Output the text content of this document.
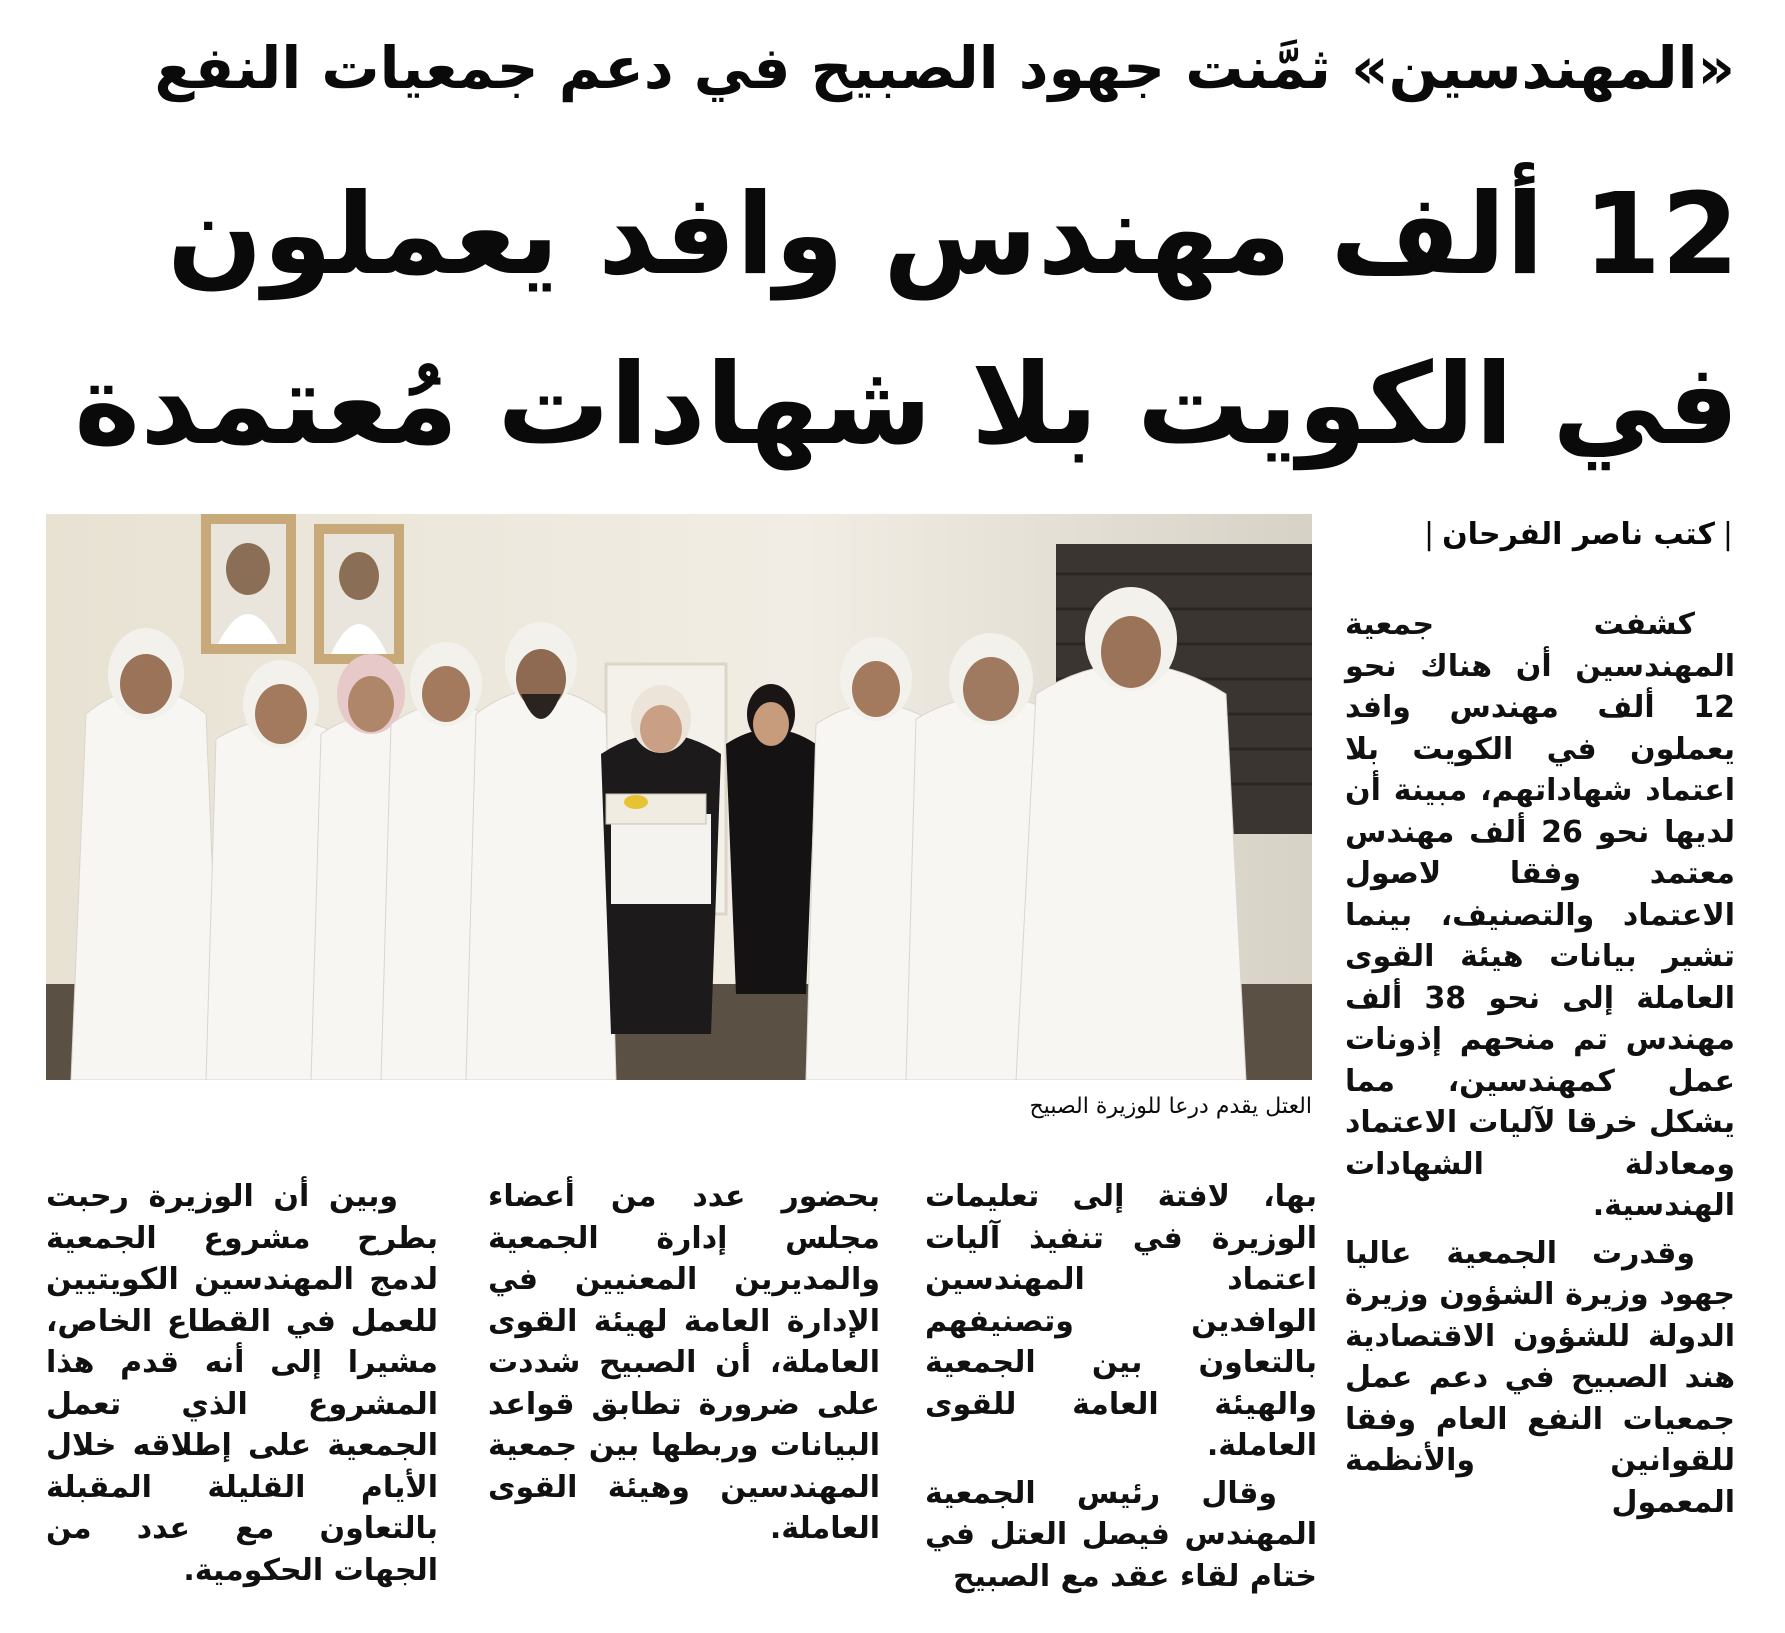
«المهندسين» ثمَّنت جهود الصبيح في دعم جمعيات النفع
12 ألف مهندس وافد يعملون
في الكويت بلا شهادات مُعتمدة
|كتب ناصر الفرحان|
العتل يقدم درعا للوزيرة الصبيح

كشفت جمعية المهندسين أن هناك نحو 12 ألف مهندس وافد يعملون في الكويت بلا اعتماد شهاداتهم، مبينة أن لديها نحو 26 ألف مهندس معتمد وفقا لاصول الاعتماد والتصنيف، بينما تشير بيانات هيئة القوى العاملة إلى نحو 38 ألف مهندس تم منحهم إذونات عمل كمهندسين، مما يشكل خرقا لآليات الاعتماد ومعادلة الشهادات الهندسية.

وقدرت الجمعية عاليا جهود وزيرة الشؤون وزيرة الدولة للشؤون الاقتصادية هند الصبيح في دعم عمل جمعيات النفع العام وفقا للقوانين والأنظمة المعمول

بها، لافتة إلى تعليمات الوزيرة في تنفيذ آليات اعتماد المهندسين الوافدين وتصنيفهم بالتعاون بين الجمعية والهيئة العامة للقوى العاملة.

وقال رئيس الجمعية المهندس فيصل العتل في ختام لقاء عقد مع الصبيح

بحضور عدد من أعضاء مجلس إدارة الجمعية والمديرين المعنيين في الإدارة العامة لهيئة القوى العاملة، أن الصبيح شددت على ضرورة تطابق قواعد البيانات وربطها بين جمعية المهندسين وهيئة القوى العاملة.

وبين أن الوزيرة رحبت بطرح مشروع الجمعية لدمج المهندسين الكويتيين للعمل في القطاع الخاص، مشيرا إلى أنه قدم هذا المشروع الذي تعمل الجمعية على إطلاقه خلال الأيام القليلة المقبلة بالتعاون مع عدد من الجهات الحكومية.
